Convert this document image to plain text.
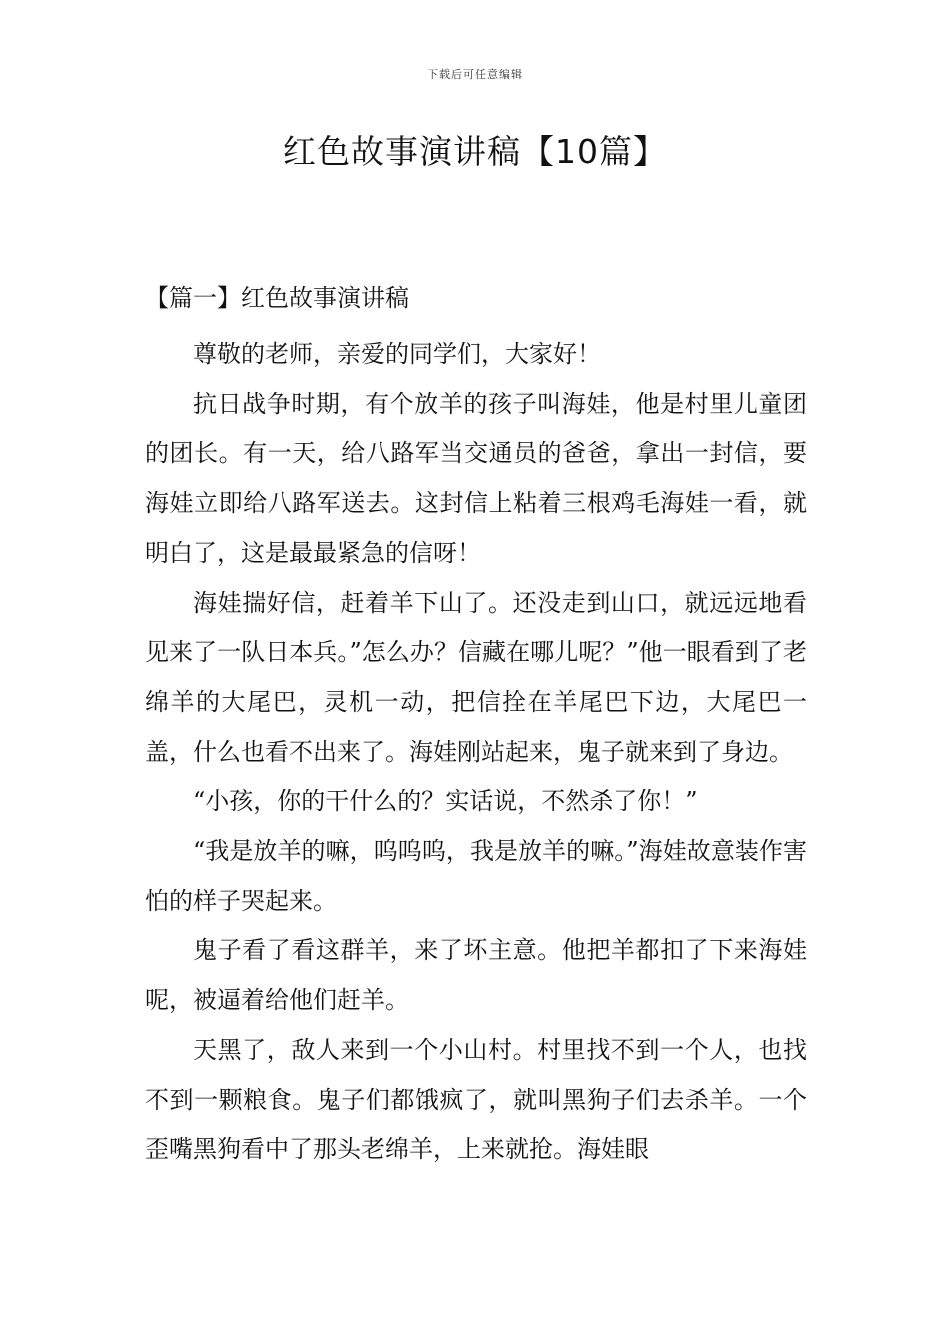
下载后可任意编辑
红色故事演讲稿【10篇】
【篇一】红色故事演讲稿

尊敬的老师，亲爱的同学们，大家好！

抗日战争时期，有个放羊的孩子叫海娃，他是村里儿童团的团长。有一天，给八路军当交通员的爸爸，拿出一封信，要海娃立即给八路军送去。这封信上粘着三根鸡毛海娃一看，就明白了，这是最最紧急的信呀！

海娃揣好信，赶着羊下山了。还没走到山口，就远远地看见来了一队日本兵。”怎么办？信藏在哪儿呢？”他一眼看到了老绵羊的大尾巴，灵机一动，把信拴在羊尾巴下边，大尾巴一盖，什么也看不出来了。海娃刚站起来，鬼子就来到了身边。

“小孩，你的干什么的？实话说，不然杀了你！”

“我是放羊的嘛，呜呜呜，我是放羊的嘛。”海娃故意装作害怕的样子哭起来。

鬼子看了看这群羊，来了坏主意。他把羊都扣了下来海娃呢，被逼着给他们赶羊。

天黑了，敌人来到一个小山村。村里找不到一个人，也找不到一颗粮食。鬼子们都饿疯了，就叫黑狗子们去杀羊。一个歪嘴黑狗看中了那头老绵羊，上来就抢。海娃眼
